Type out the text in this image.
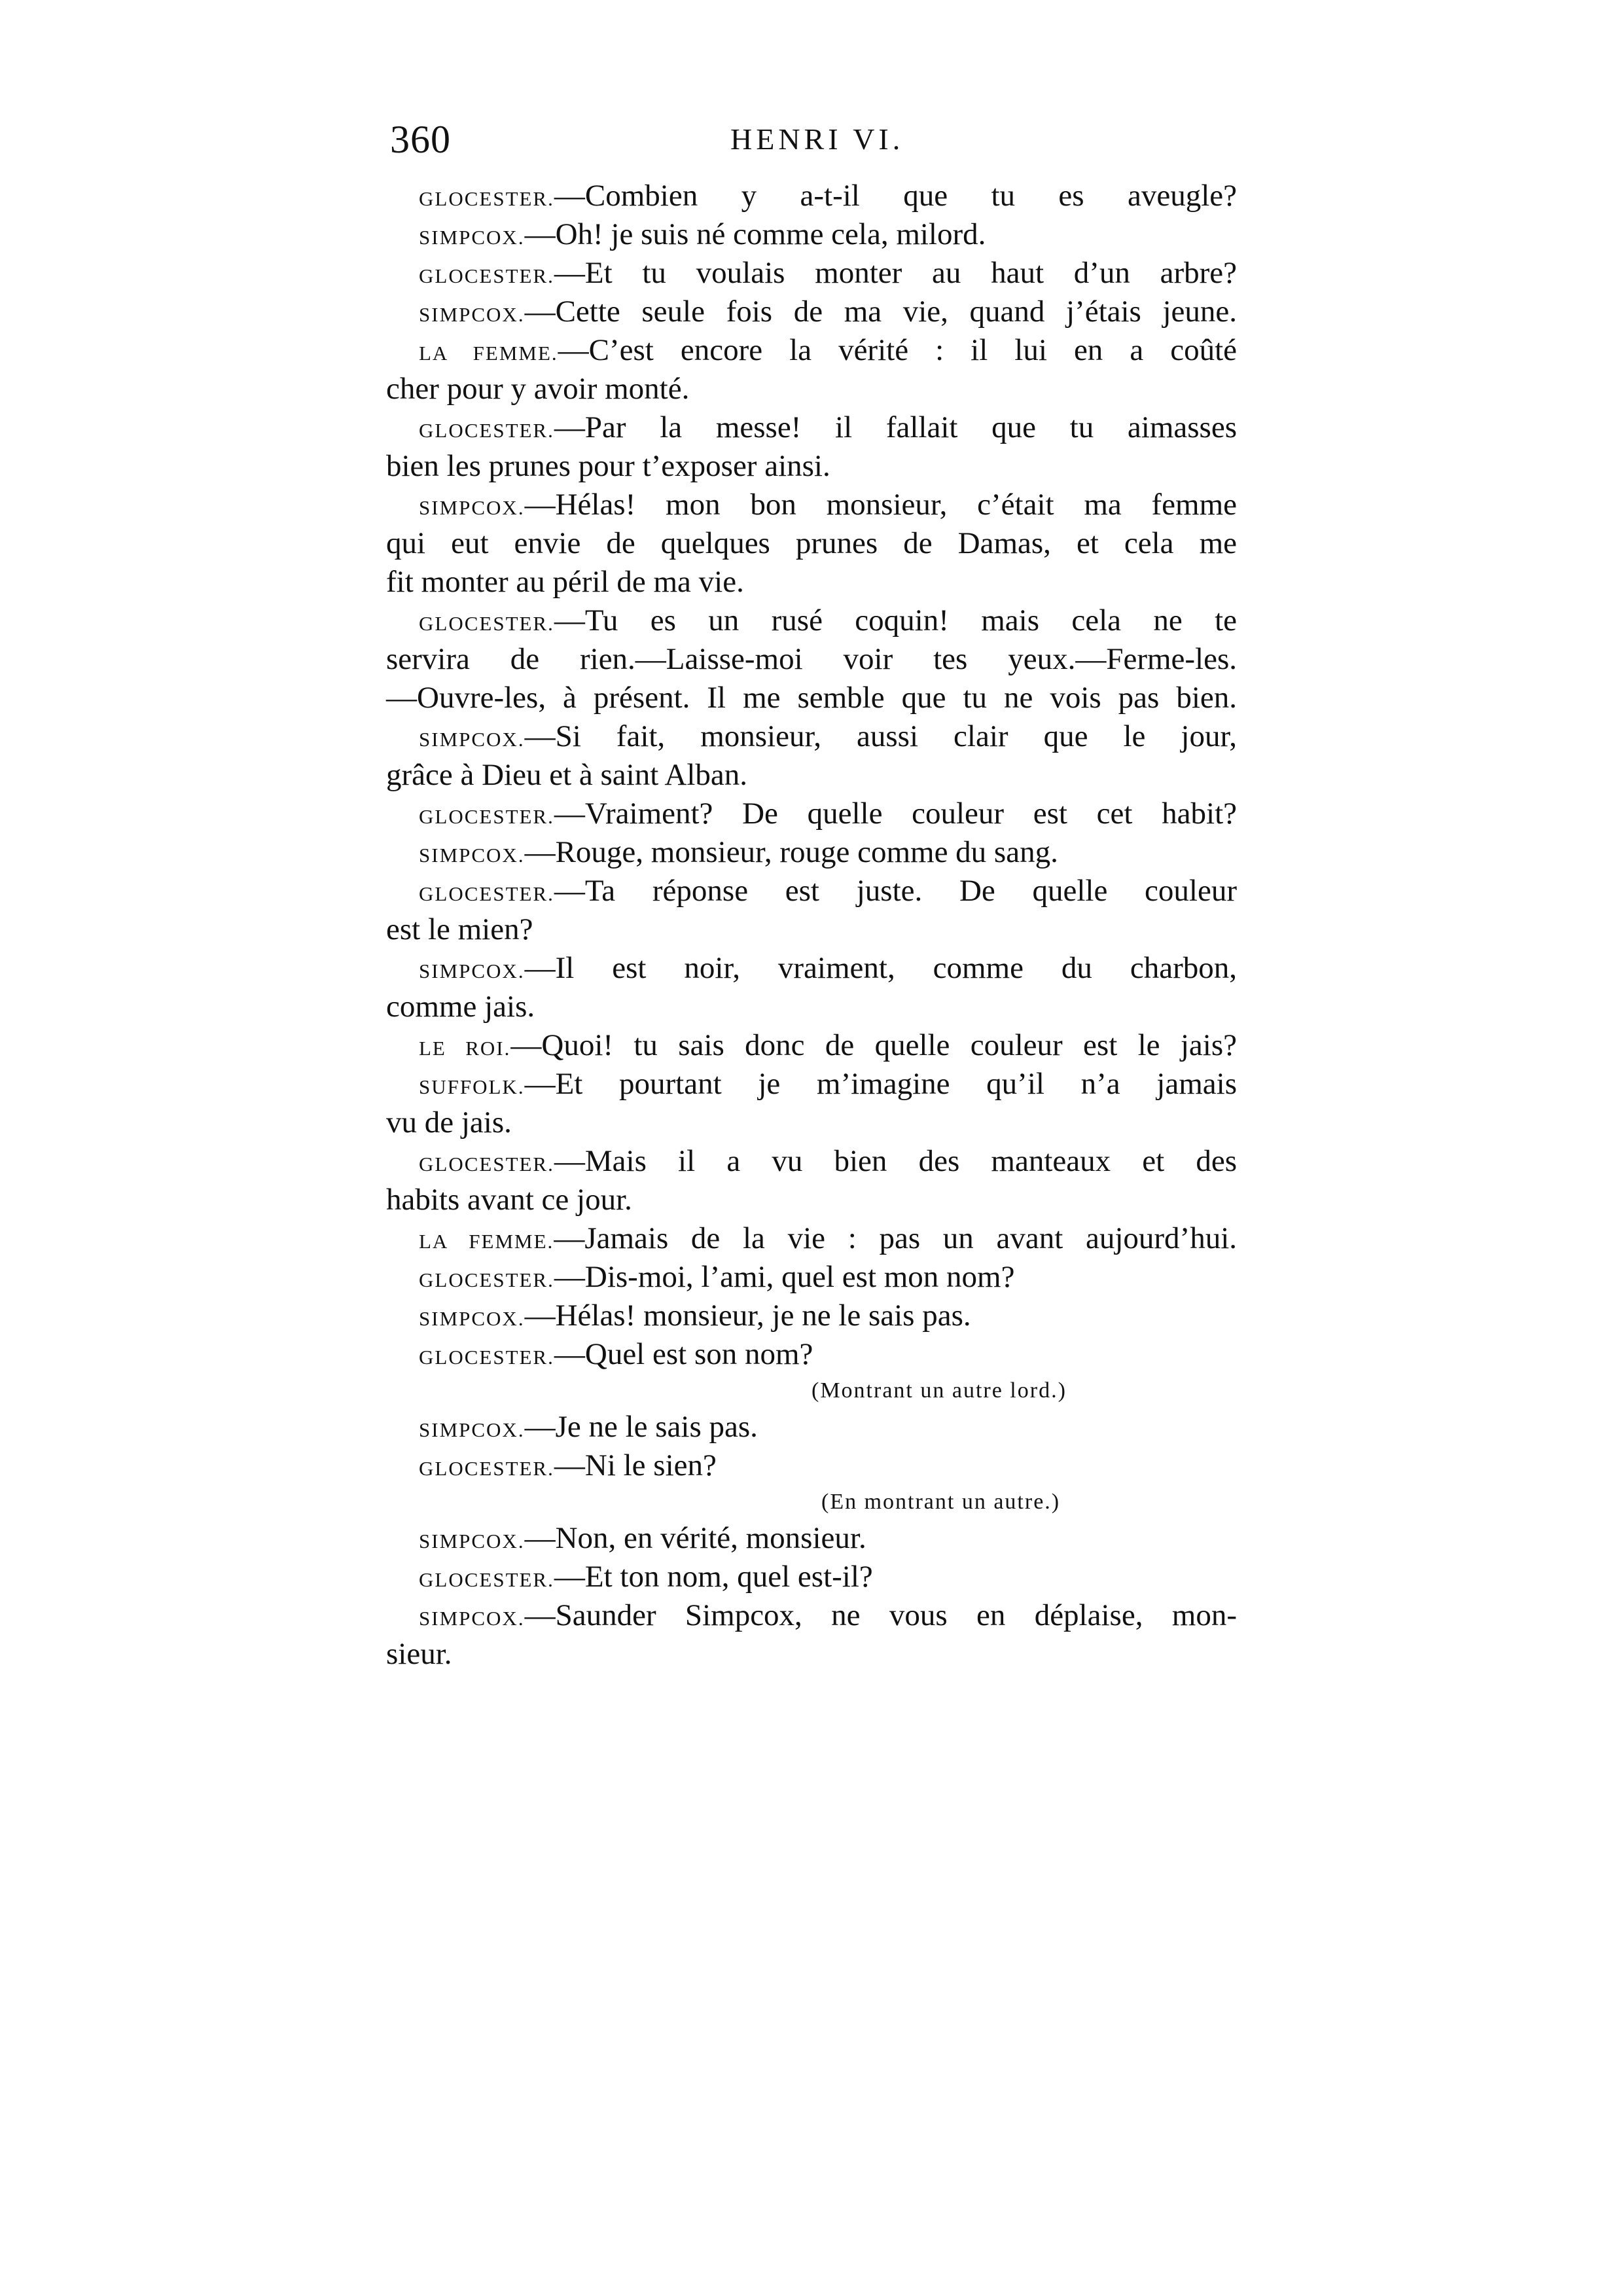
360	HENRI VI.
GLOCESTER.—Combien y a-t-il que tu es aveugle?
SIMPCOX.—Oh! je suis né comme cela, milord.
GLOCESTER.—Et tu voulais monter au haut d’un arbre?
SIMPCOX.—Cette seule fois de ma vie, quand j’étais jeune.
LA FEMME.—C’est encore la vérité : il lui en a coûté
cher pour y avoir monté.
GLOCESTER.—Par la messe! il fallait que tu aimasses
bien les prunes pour t’exposer ainsi.
SIMPCOX.—Hélas! mon bon monsieur, c’était ma femme
qui eut envie de quelques prunes de Damas, et cela me
fit monter au péril de ma vie.
GLOCESTER.—Tu es un rusé coquin! mais cela ne te
servira de rien.—Laisse-moi voir tes yeux.—Ferme-les.
—Ouvre-les, à présent. Il me semble que tu ne vois pas bien.
SIMPCOX.—Si fait, monsieur, aussi clair que le jour,
grâce à Dieu et à saint Alban.
GLOCESTER.—Vraiment? De quelle couleur est cet habit?
SIMPCOX.—Rouge, monsieur, rouge comme du sang.
GLOCESTER.—Ta réponse est juste. De quelle couleur
est le mien?
SIMPCOX.—Il est noir, vraiment, comme du charbon,
comme jais.
LE ROI.—Quoi! tu sais donc de quelle couleur est le jais?
SUFFOLK.—Et pourtant je m’imagine qu’il n’a jamais
vu de jais.
GLOCESTER.—Mais il a vu bien des manteaux et des
habits avant ce jour.
LA FEMME.—Jamais de la vie : pas un avant aujourd’hui.
GLOCESTER.—Dis-moi, l’ami, quel est mon nom?
SIMPCOX.—Hélas! monsieur, je ne le sais pas.
GLOCESTER.—Quel est son nom?
(Montrant un autre lord.)
SIMPCOX.—Je ne le sais pas.
GLOCESTER.—Ni le sien?
(En montrant un autre.)
SIMPCOX.—Non, en vérité, monsieur.
GLOCESTER.—Et ton nom, quel est-il?
SIMPCOX.—Saunder Simpcox, ne vous en déplaise, mon-
sieur.
